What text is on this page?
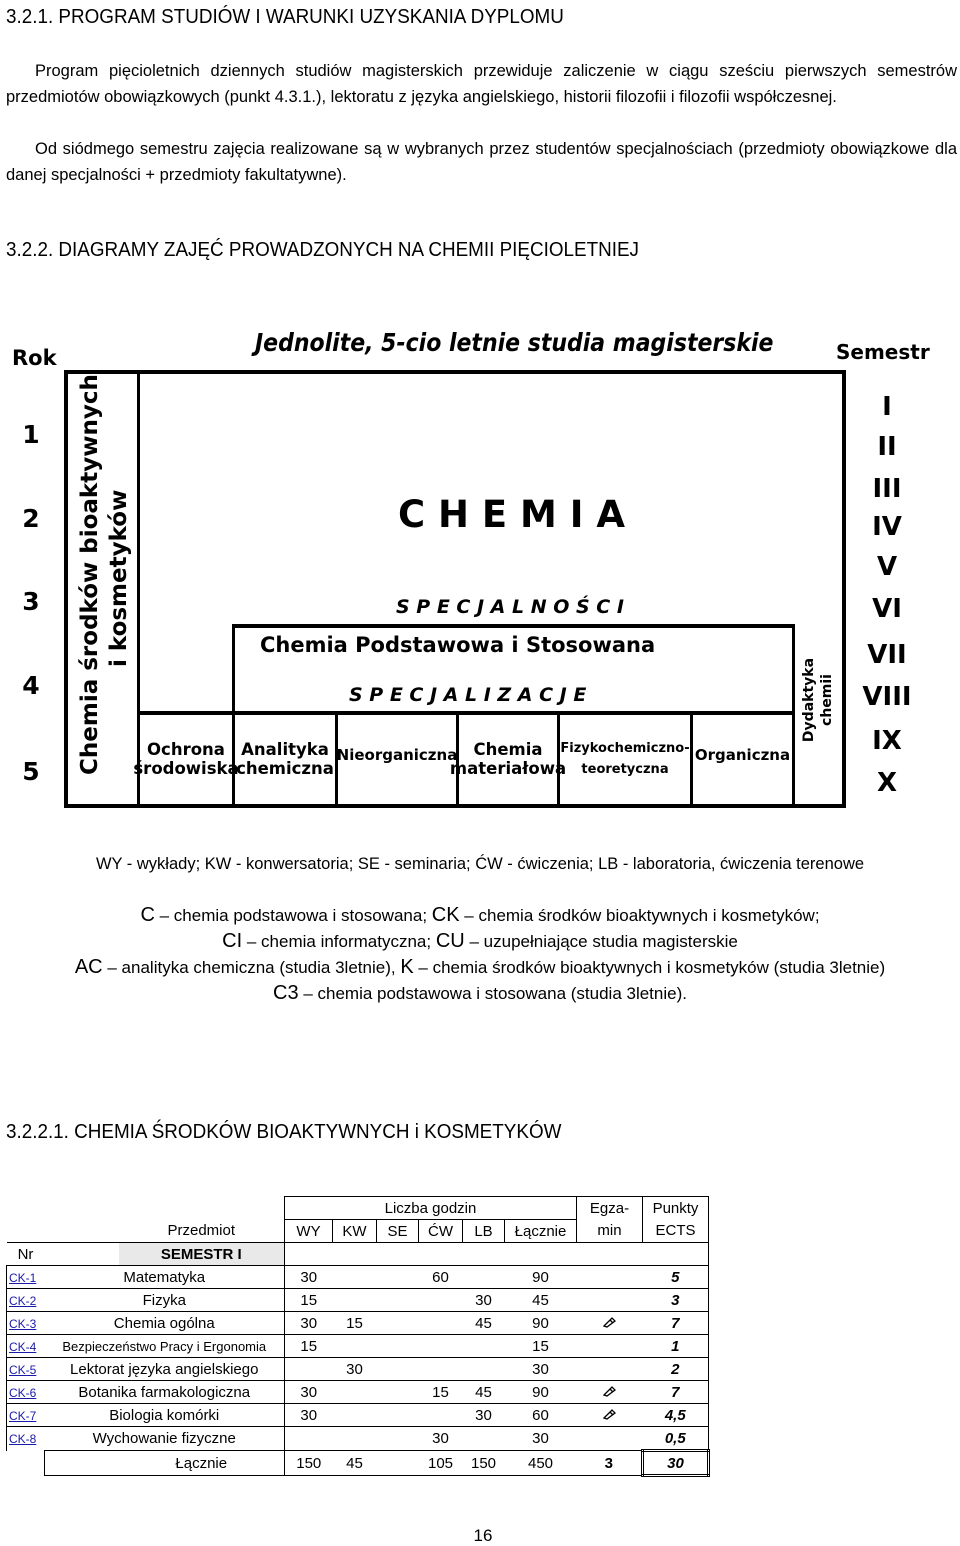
3.2.1. PROGRAM STUDIÓW I WARUNKI UZYSKANIA DYPLOMU
Program pięcioletnich dziennych studiów magisterskich przewiduje zaliczenie w ciągu sześciu pierwszych semestrów przedmiotów obowiązkowych (punkt 4.3.1.), lektoratu z języka angielskiego, historii filozofii i filozofii współczesnej.
Od siódmego semestru zajęcia realizowane są w wybranych przez studentów specjalnościach (przedmioty obowiązkowe dla danej specjalności + przedmioty fakultatywne).
3.2.2. DIAGRAMY ZAJĘĆ PROWADZONYCH NA CHEMII PIĘCIOLETNIEJ
Rok
Jednolite, 5-cio letnie studia magisterskie	Semestr
1
2
3
4
5
I
II
III
IV
V
VI
VII
VIII
IX
X
Chemia środków bioaktywnych i kosmetyków	C H E M I A
S P E C J A L N O Ś C I
Chemia Podstawowa i Stosowana
S P E C J A L I Z A C J E
Ochrona
środowiska
Analityka
chemiczna
Nieorganiczna Chemia
materiałowa
Fizykochemiczno-
teoretyczna
Organiczna
Dydaktyka chemii
WY - wykłady; KW - konwersatoria; SE - seminaria; ĆW - ćwiczenia; LB - laboratoria, ćwiczenia terenowe
C – chemia podstawowa i stosowana; CK – chemia środków bioaktywnych i kosmetyków;
CI – chemia informatyczna; CU – uzupełniające studia magisterskie
AC – analityka chemiczna (studia 3letnie), K – chemia środków bioaktywnych i kosmetyków (studia 3letnie)
C3 – chemia podstawowa i stosowana (studia 3letnie).
3.2.2.1. CHEMIA ŚRODKÓW BIOAKTYWNYCH i KOSMETYKÓW
			Liczba godzin						Egza-	Punkty
		Przedmiot	WY	KW	SE	ĆW	LB	Łącznie	min	ECTS
Nr		SEMESTR I								
CK-1	Matematyka		30			60		90		5
CK-2	Fizyka		15				30	45		3
CK-3	Chemia ogólna		30	15			45	90		7
CK-4	Bezpieczeństwo Pracy i Ergonomia		15					15		1
CK-5	Lektorat języka angielskiego			30				30		2
CK-6	Botanika farmakologiczna		30			15	45	90		7
CK-7	Biologia komórki		30				30	60		4,5
CK-8	Wychowanie fizyczne					30		30		0,5
		Łącznie	150	45		105	150	450	3	30
16
